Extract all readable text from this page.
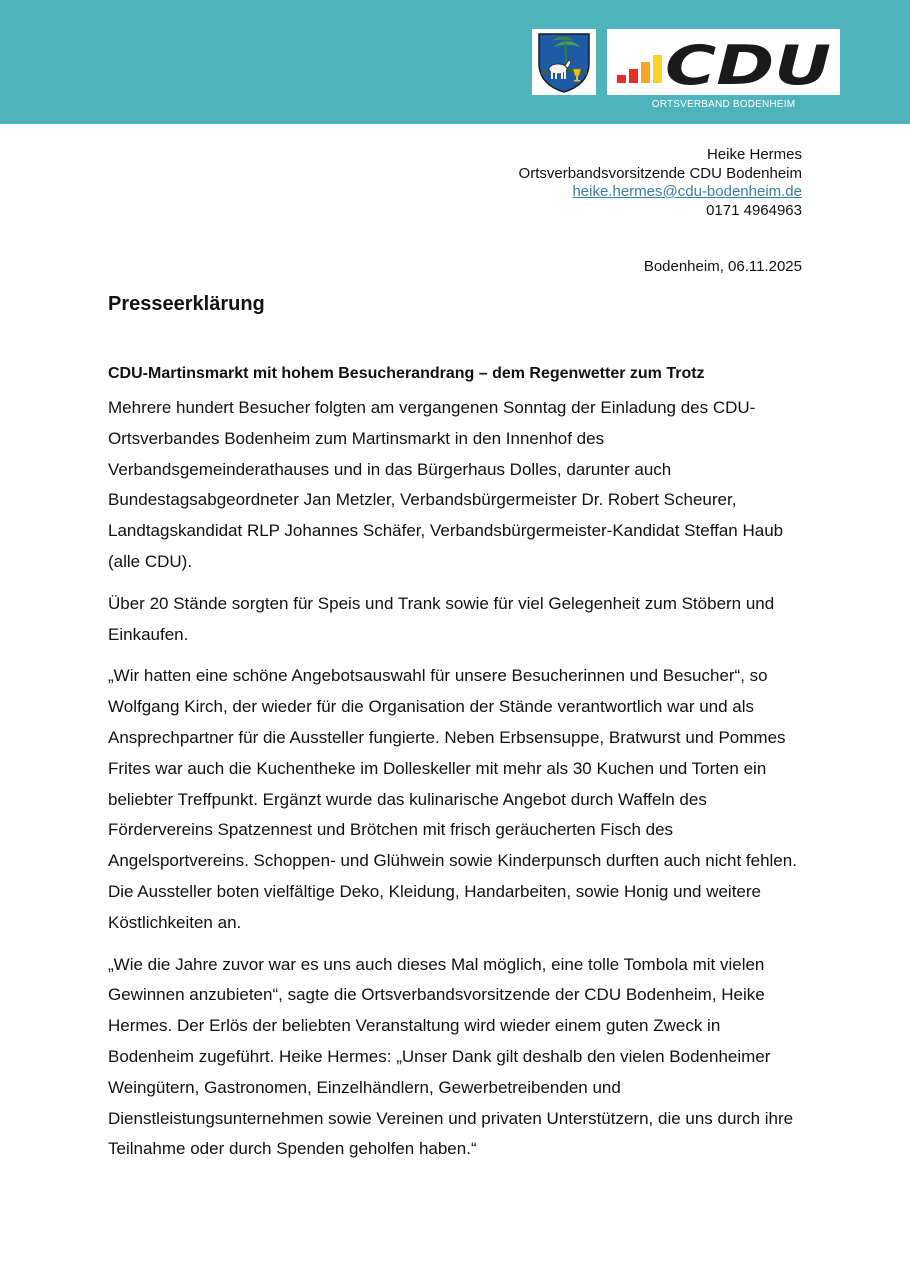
CDU
ORTSVERBAND BODENHEIM
Heike Hermes
Ortsverbandsvorsitzende CDU Bodenheim
heike.hermes@cdu-bodenheim.de
0171 4964963
Bodenheim, 06.11.2025
Presseerklärung
CDU-Martinsmarkt mit hohem Besucherandrang – dem Regenwetter zum Trotz

Mehrere hundert Besucher folgten am vergangenen Sonntag der Einladung des CDU-Ortsverbandes Bodenheim zum Martinsmarkt in den Innenhof des Verbandsgemeinderathauses und in das Bürgerhaus Dolles, darunter auch Bundestagsabgeordneter Jan Metzler, Verbandsbürgermeister Dr. Robert Scheurer, Landtagskandidat RLP Johannes Schäfer, Verbandsbürgermeister-Kandidat Steffan Haub (alle CDU).

Über 20 Stände sorgten für Speis und Trank sowie für viel Gelegenheit zum Stöbern und Einkaufen.

„Wir hatten eine schöne Angebotsauswahl für unsere Besucherinnen und Besucher“, so Wolfgang Kirch, der wieder für die Organisation der Stände verantwortlich war und als Ansprechpartner für die Aussteller fungierte. Neben Erbsensuppe, Bratwurst und Pommes Frites war auch die Kuchentheke im Dolleskeller mit mehr als 30 Kuchen und Torten ein beliebter Treffpunkt. Ergänzt wurde das kulinarische Angebot durch Waffeln des Fördervereins Spatzennest und Brötchen mit frisch geräucherten Fisch des Angelsportvereins. Schoppen- und Glühwein sowie Kinderpunsch durften auch nicht fehlen. Die Aussteller boten vielfältige Deko, Kleidung, Handarbeiten, sowie Honig und weitere Köstlichkeiten an.

„Wie die Jahre zuvor war es uns auch dieses Mal möglich, eine tolle Tombola mit vielen Gewinnen anzubieten“, sagte die Ortsverbandsvorsitzende der CDU Bodenheim, Heike Hermes. Der Erlös der beliebten Veranstaltung wird wieder einem guten Zweck in Bodenheim zugeführt. Heike Hermes: „Unser Dank gilt deshalb den vielen Bodenheimer Weingütern, Gastronomen, Einzelhändlern, Gewerbetreibenden und Dienstleistungsunternehmen sowie Vereinen und privaten Unterstützern, die uns durch ihre Teilnahme oder durch Spenden geholfen haben.“
